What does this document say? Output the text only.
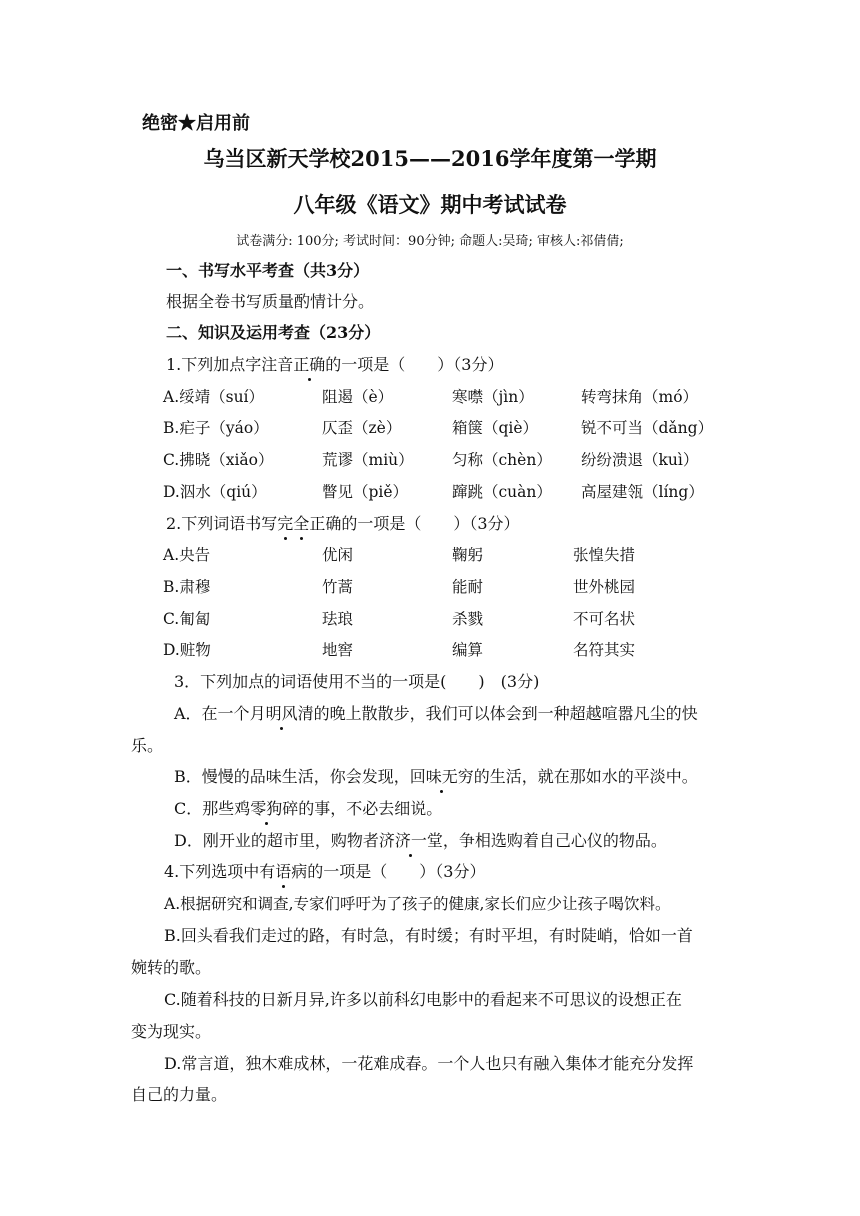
绝密★启用前
乌当区新天学校2015——2016学年度第一学期
八年级《语文》期中考试试卷
试卷满分: 100分; 考试时间：90分钟; 命题人:吴琦; 审核人:祁倩倩;
一、书写水平考查（共3分）
根据全卷书写质量酌情计分。
二、知识及运用考查（23分）
1.下列加点字注音正确的一项是（　　）（3分）
A.绥靖（suí）	阻遏（è）	寒噤（jìn）	转弯抹角（mó）
B.疟子（yáo）	仄歪（zè）	箱箧（qiè）	锐不可当（dǎng）
C.拂晓（xiǎo）	荒谬（miù） 匀称（chèn） 纷纷溃退（kuì）
D.泅水（qiú）	瞥见（piě）	蹿跳（cuàn） 高屋建瓴（líng）
2.下列词语书写完全正确的一项是（　　）（3分）
A.央告	优闲	鞠躬	张惶失措
B.肃穆	竹蒿	能耐	世外桃园
C.匍匐	珐琅	杀戮	不可名状
D.赃物	地窖	编算	名符其实
3．下列加点的词语使用不当的一项是(　　)　(3分)
A．在一个月明风清的晚上散散步，我们可以体会到一种超越喧嚣凡尘的快
乐。
B．慢慢的品味生活，你会发现，回味无穷的生活，就在那如水的平淡中。
C．那些鸡零狗碎的事，不必去细说。
D．刚开业的超市里，购物者济济一堂，争相选购着自己心仪的物品。
4.下列选项中有语病的一项是（　　）（3分）
A.根据研究和调查,专家们呼吁为了孩子的健康,家长们应少让孩子喝饮料。
B.回头看我们走过的路，有时急，有时缓；有时平坦，有时陡峭，恰如一首
婉转的歌。
C.随着科技的日新月异,许多以前科幻电影中的看起来不可思议的设想正在
变为现实。
D.常言道，独木难成林，一花难成春。一个人也只有融入集体才能充分发挥
自己的力量。
